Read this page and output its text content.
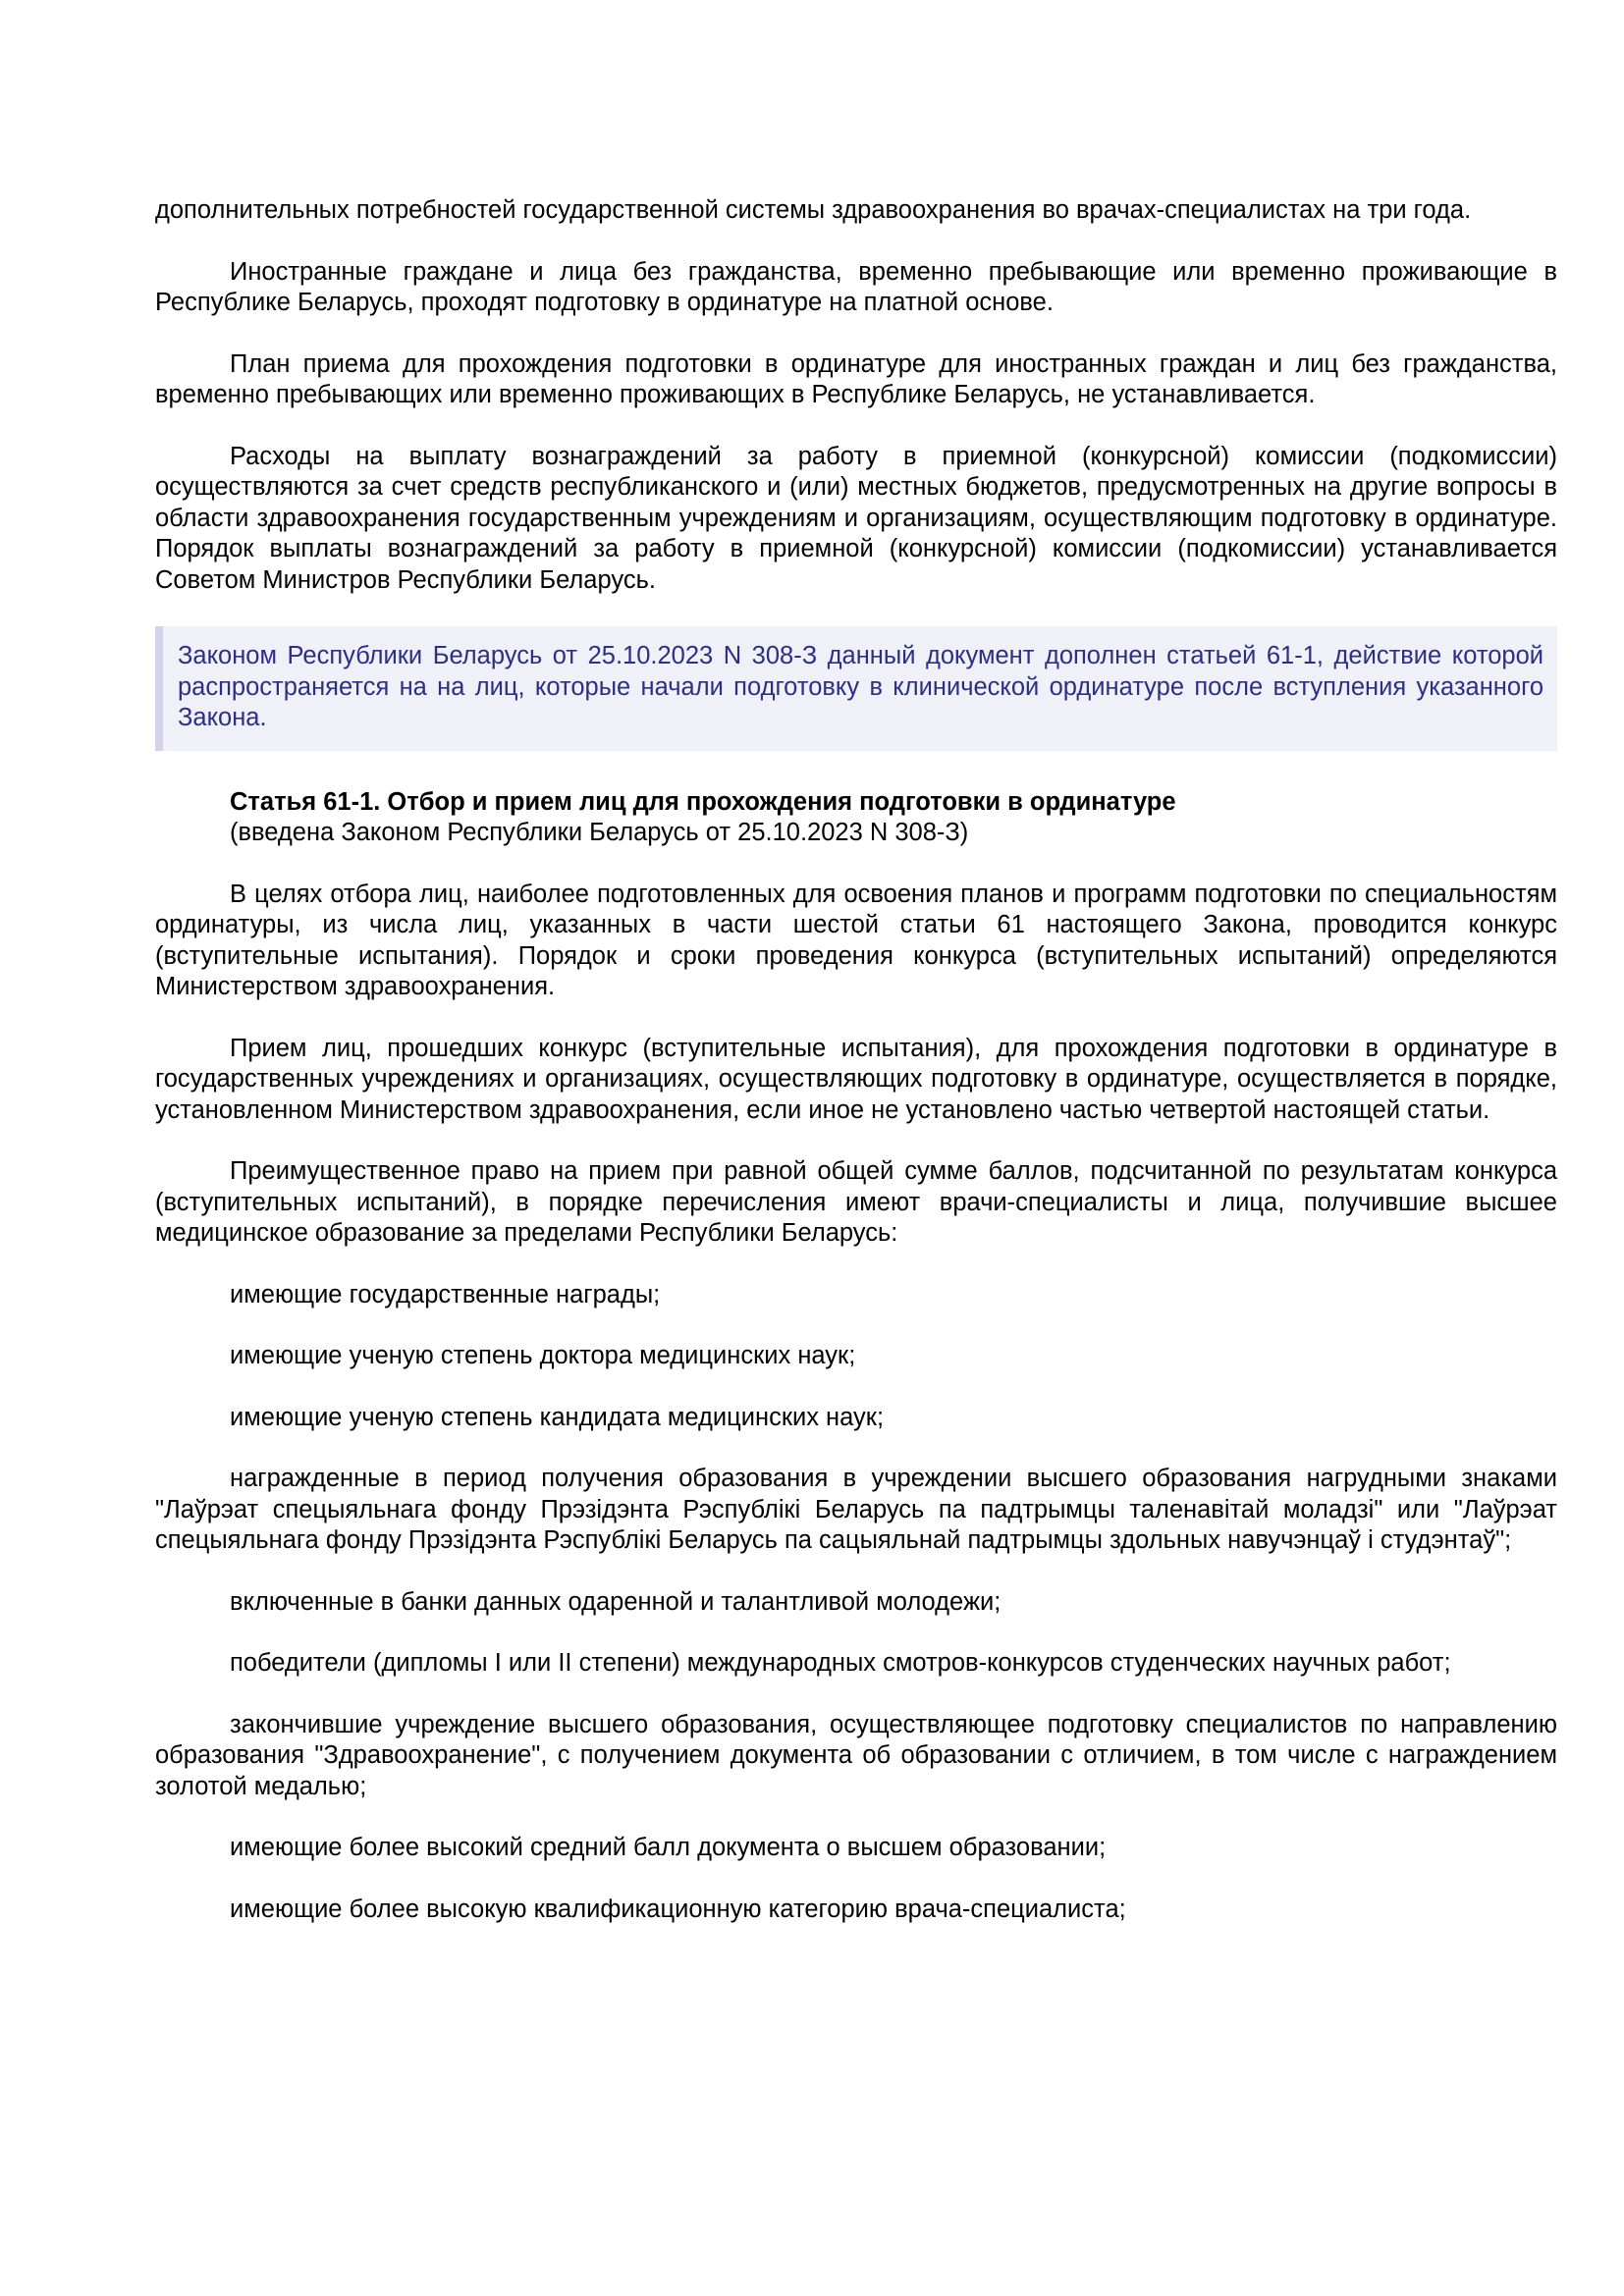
дополнительных потребностей государственной системы здравоохранения во врачах-специалистах на три года.

Иностранные граждане и лица без гражданства, временно пребывающие или временно проживающие в Республике Беларусь, проходят подготовку в ординатуре на платной основе.

План приема для прохождения подготовки в ординатуре для иностранных граждан и лиц без гражданства, временно пребывающих или временно проживающих в Республике Беларусь, не устанавливается.

Расходы на выплату вознаграждений за работу в приемной (конкурсной) комиссии (подкомиссии) осуществляются за счет средств республиканского и (или) местных бюджетов, предусмотренных на другие вопросы в области здравоохранения государственным учреждениям и организациям, осуществляющим подготовку в ординатуре. Порядок выплаты вознаграждений за работу в приемной (конкурсной) комиссии (подкомиссии) устанавливается Советом Министров Республики Беларусь.

Законом Республики Беларусь от 25.10.2023 N 308-З данный документ дополнен статьей 61-1, действие которой распространяется на на лиц, которые начали подготовку в клинической ординатуре после вступления указанного Закона.
Статья 61-1. Отбор и прием лиц для прохождения подготовки в ординатуре
(введена Законом Республики Беларусь от 25.10.2023 N 308-З)

В целях отбора лиц, наиболее подготовленных для освоения планов и программ подготовки по специальностям ординатуры, из числа лиц, указанных в части шестой статьи 61 настоящего Закона, проводится конкурс (вступительные испытания). Порядок и сроки проведения конкурса (вступительных испытаний) определяются Министерством здравоохранения.

Прием лиц, прошедших конкурс (вступительные испытания), для прохождения подготовки в ординатуре в государственных учреждениях и организациях, осуществляющих подготовку в ординатуре, осуществляется в порядке, установленном Министерством здравоохранения, если иное не установлено частью четвертой настоящей статьи.

Преимущественное право на прием при равной общей сумме баллов, подсчитанной по результатам конкурса (вступительных испытаний), в порядке перечисления имеют врачи-специалисты и лица, получившие высшее медицинское образование за пределами Республики Беларусь:

имеющие государственные награды;

имеющие ученую степень доктора медицинских наук;

имеющие ученую степень кандидата медицинских наук;

награжденные в период получения образования в учреждении высшего образования нагрудными знаками "Лаўрэат спецыяльнага фонду Прэзідэнта Рэспублікі Беларусь па падтрымцы таленавітай моладзі" или "Лаўрэат спецыяльнага фонду Прэзідэнта Рэспублікі Беларусь па сацыяльнай падтрымцы здольных навучэнцаў і студэнтаў";

включенные в банки данных одаренной и талантливой молодежи;

победители (дипломы I или II степени) международных смотров-конкурсов студенческих научных работ;

закончившие учреждение высшего образования, осуществляющее подготовку специалистов по направлению образования "Здравоохранение", с получением документа об образовании с отличием, в том числе с награждением золотой медалью;

имеющие более высокий средний балл документа о высшем образовании;

имеющие более высокую квалификационную категорию врача-специалиста;
